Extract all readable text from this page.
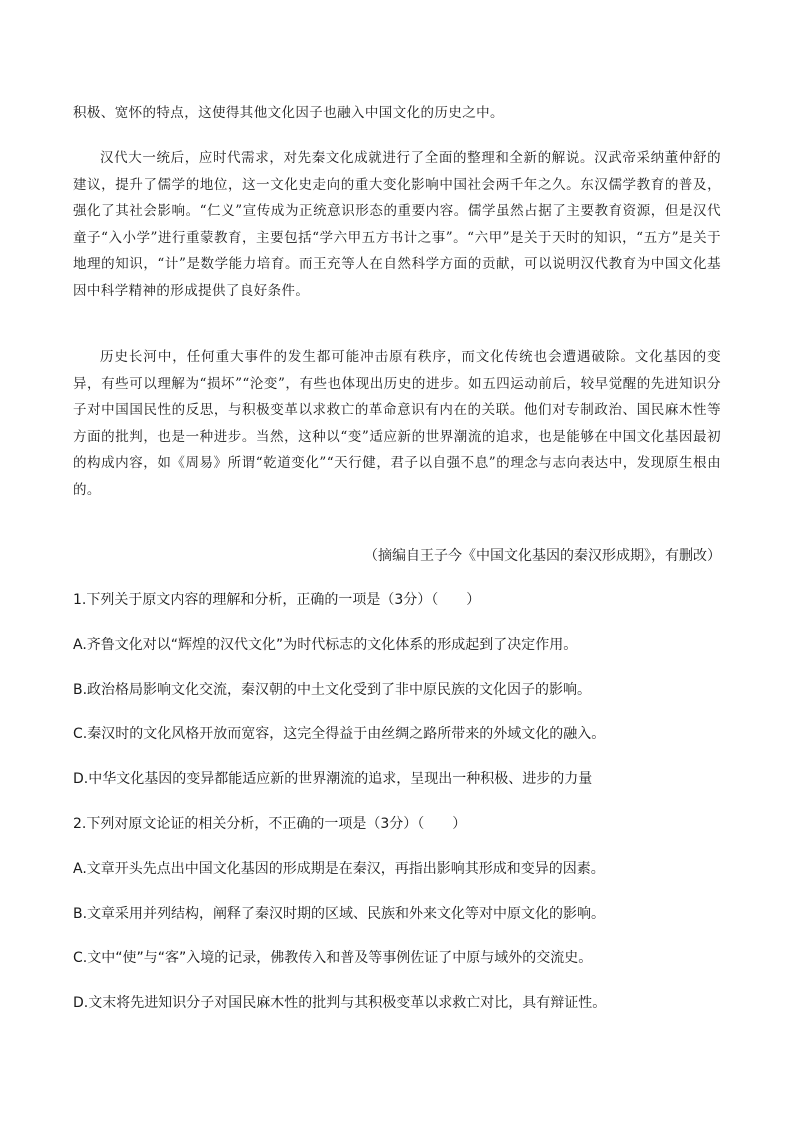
积极、宽怀的特点，这使得其他文化因子也融入中国文化的历史之中。

汉代大一统后，应时代需求，对先秦文化成就进行了全面的整理和全新的解说。汉武帝采纳董仲舒的建议，提升了儒学的地位，这一文化史走向的重大变化影响中国社会两千年之久。东汉儒学教育的普及，强化了其社会影响。“仁义”宣传成为正统意识形态的重要内容。儒学虽然占据了主要教育资源，但是汉代童子“入小学”进行重蒙教育，主要包括“学六甲五方书计之事”。“六甲”是关于天时的知识，“五方”是关于地理的知识，“计”是数学能力培育。而王充等人在自然科学方面的贡献，可以说明汉代教育为中国文化基因中科学精神的形成提供了良好条件。

历史长河中，任何重大事件的发生都可能冲击原有秩序，而文化传统也会遭遇破除。文化基因的变异，有些可以理解为“损坏”“沦变”，有些也体现出历史的进步。如五四运动前后，较早觉醒的先进知识分子对中国国民性的反思，与积极变革以求救亡的革命意识有内在的关联。他们对专制政治、国民麻木性等方面的批判，也是一种进步。当然，这种以“变”适应新的世界潮流的追求，也是能够在中国文化基因最初的构成内容，如《周易》所谓“乾道变化”“天行健，君子以自强不息”的理念与志向表达中，发现原生根由的。

（摘编自王子今《中国文化基因的秦汉形成期》，有删改）
1.下列关于原文内容的理解和分析，正确的一项是（3分）（　　）
A.齐鲁文化对以“辉煌的汉代文化”为时代标志的文化体系的形成起到了决定作用。
B.政治格局影响文化交流，秦汉朝的中土文化受到了非中原民族的文化因子的影响。
C.秦汉时的文化风格开放而宽容，这完全得益于由丝绸之路所带来的外域文化的融入。
D.中华文化基因的变异都能适应新的世界潮流的追求，呈现出一种积极、进步的力量
2.下列对原文论证的相关分析，不正确的一项是（3分）（　　）
A.文章开头先点出中国文化基因的形成期是在秦汉，再指出影响其形成和变异的因素。
B.文章采用并列结构，阐释了秦汉时期的区域、民族和外来文化等对中原文化的影响。
C.文中“使”与“客”入境的记录，佛教传入和普及等事例佐证了中原与域外的交流史。
D.文末将先进知识分子对国民麻木性的批判与其积极变革以求救亡对比，具有辩证性。
